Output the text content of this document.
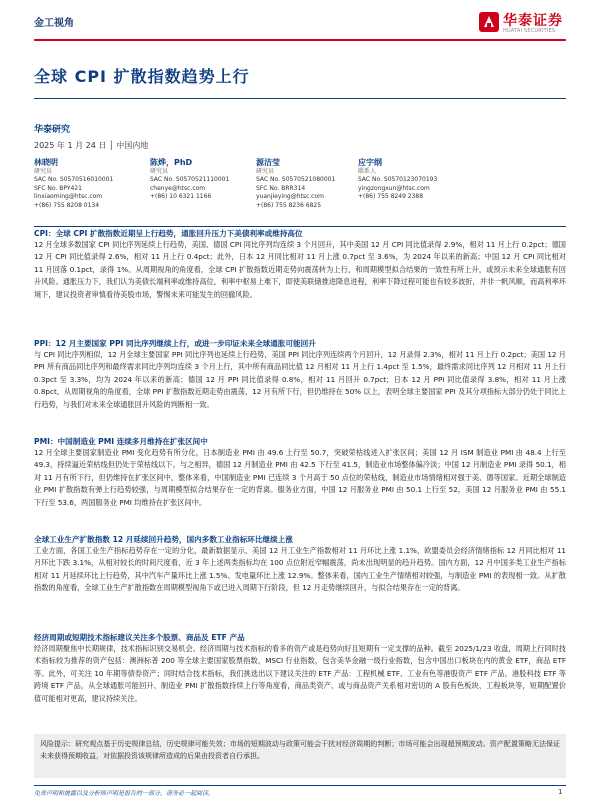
金工视角	华泰证券
HUATAI SECURITIES
全球 CPI 扩散指数趋势上行
华泰研究
2025 年 1 月 24 日 │ 中国内地
林晓明
研究员
SAC No. S0570516010001
SFC No. BPY421
linxiaoming@htsc.com
+(86) 755 8208 0134
陈烨，PhD
研究员
SAC No. S0570521110001
chenye@htsc.com
+(86) 10 6321 1166
源洁莹
研究员
SAC No. S0570521080001
SFC No. BRR314
yuanjieying@htsc.com
+(86) 755 8236 6825
应宇纲
联系人
SAC No. S0570123070193
yingzongxun@htsc.com
+(86) 755 8249 2388
CPI：全球 CPI 扩散指数近期呈上行趋势，通胀回升压力下美债利率或维持高位
12 月全球多数国家 CPI 同比序列延续上行趋势，美国、德国 CPI 同比序列均连续 3 个月回升，其中美国 12 月 CPI 同比值录得 2.9%，相对 11 月上行 0.2pct；德国 12 月 CPI 同比值录得 2.6%，相对 11 月上行 0.4pct；此外，日本 12 月同比相对 11 月上涨 0.7pct 至 3.6%，为 2024 年以来的新高；中国 12 月 CPI 同比相对 11 月回落 0.1pct，录得 1%。从周期视角的角度看，全球 CPI 扩散指数近期走势向震荡转为上行，和周期模型拟合结果的一致性有所上升，或预示未来全球通胀有回升风险。通胀压力下，我们认为美债长端利率或维持高位，利率中枢易上难下，即使美联储推进降息进程，利率下降过程可能也有较多波折，并非一帆风顺，而高利率环境下，建议投资者审慎看待美股市场，警惕未来可能发生的回撤风险。
PPI：12 月主要国家 PPI 同比序列继续上行，或进一步印证未来全球通胀可能回升
与 CPI 同比序列相似，12 月全球主要国家 PPI 同比序列也延续上行趋势，美国 PPI 同比序列连续两个月回升，12 月录得 2.3%，相对 11 月上行 0.2pct；美国 12 月 PPI 所有商品同比序列和最终需求同比序列均连续 3 个月上行，其中所有商品同比值 12 月相对 11 月上行 1.4pct 至 1.5%，最终需求同比序列 12 月相对 11 月上行 0.3pct 至 3.3%，均为 2024 年以来的新高；德国 12 月 PPI 同比值录得 0.8%，相对 11 月回升 0.7pct；日本 12 月 PPI 同比值录得 3.8%，相对 11 月上涨 0.8pct，从周期视角的角度看，全球 PPI 扩散指数近期走势由震荡，12 月有所下行，但仍维持在 50% 以上，表明全球主要国家 PPI 及其分项指标大部分仍处于同比上行趋势，与我们对未来全球通胀回升风险的判断相一致。
PMI：中国制造业 PMI 连续多月维持在扩张区间中
12 月全球主要国家制造业 PMI 变化趋势有所分化，日本制造业 PMI 由 49.6 上行至 50.7，突破荣枯线进入扩张区间；美国 12 月 ISM 制造业 PMI 由 48.4 上行至 49.3，持续逼近荣枯线但仍处于荣枯线以下。与之相异，德国 12 月制造业 PMI 由 42.5 下行至 41.5，制造业市场整体偏冷淡；中国 12 月制造业 PMI 录得 50.1，相对 11 月有所下行，但仍维持在扩张区间中，整体来看，中国制造业 PMI 已连续 3 个月高于 50 点位的荣枯线，制造业市场情绪相对强于美、德等国家。近期全球制造业 PMI 扩散指数有弹上行趋势较强，与周期模型拟合结果存在一定的背离。服务业方面，中国 12 月服务业 PMI 由 50.1 上行至 52，美国 12 月服务业 PMI 由 55.1 下行至 53.6，两国服务业 PMI 均维持在扩张区间中。
全球工业生产扩散指数 12 月延续回升趋势，国内多数工业指标环比继续上涨
工业方面，各国工业生产指标趋势存在一定的分化，最新数据显示，美国 12 月工业生产指数相对 11 月环比上涨 1.1%，欧盟委员会经济情绪指标 12 月同比相对 11 月环比下跌 3.1%，从相对较长的时间尺度看，近 3 年上述两类指标均在 100 点位附近窄幅震荡，尚未出现明显的趋升趋势。国内方面，12 月中国多类工业生产指标相对 11 月延续环比上行趋势，其中汽车产量环比上涨 1.5%、发电量环比上涨 12.9%。整体来看，国内工业生产情绪相对较强，与制造业 PMI 的表现相一致。从扩散指数的角度看，全球工业生产扩散指数在周期模型视角下或已进入周期下行阶段，但 12 月走势继续回升，与拟合结果存在一定的背离。
经济周期或短期技术指标建议关注多个股票、商品及 ETF 产品
经济周期聚焦中长期规律，技术指标识别交易机会。经济周期与技术指标的看多的资产或是趋势向好且短期有一定支撑的品种。截至 2025/1/23 收盘，周期上行同时技术指标较为推荐的资产包括：澳洲标普 200 等全球主要国家股票指数，MSCI 行业指数，包含美华金融一级行业指数，包含中国出口板块在内的黄金 ETF，商品 ETF 等。此外，可关注 10 年期等债券资产；同时结合技术指标，我们挑选出以下建议关注的 ETF 产品：工程机械 ETF、工业有色等港股资产 ETF 产品，港股科技 ETF 等跨境 ETF 产品，从全球通胀可能回升、制造业 PMI 扩散指数持续上行等角度看，商品类资产、或与商品资产关系相对密切的 A 股有色板块、工程板块等，短期配置价值可能相对更高，建议持续关注。
风险提示：研究观点基于历史规律总结，历史规律可能失效；市场的短期波动与政策可能会干扰对经济周期的判断；市场可能会出现超预期波动。资产配置策略无法保证未来获得预期收益，对依据投资该规律所造成的后果由投资者自行承担。
免责声明和披露以及分析师声明是报告的一部分，请务必一起阅读。	1
